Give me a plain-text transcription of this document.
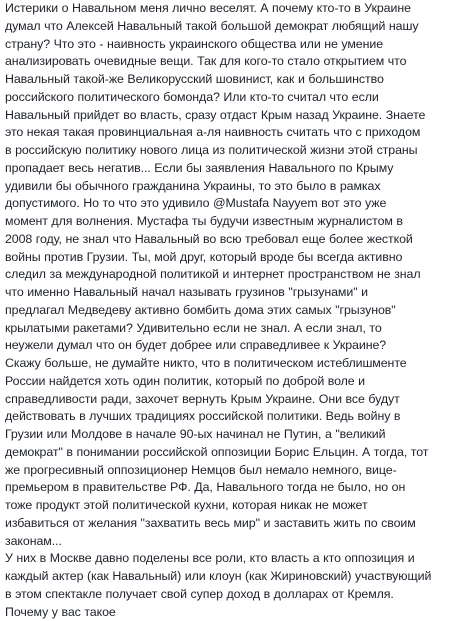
Истерики о Навальном меня лично веселят. А почему кто-то в Украине
думал что Алексей Навальный такой большой демократ любящий нашу
страну? Что это - наивность украинского общества или не умение
анализировать очевидные вещи. Так для кого-то стало открытием что
Навальный такой-же Великорусский шовинист, как и большинство
российского политического бомонда? Или кто-то считал что если
Навальный прийдет во власть, сразу отдаст Крым назад Украине. Знаете
это некая такая провинциальная а-ля наивность считать что с приходом
в российскую политику нового лица из политической жизни этой страны
пропадает весь негатив... Если бы заявления Навального по Крыму
удивили бы обычного гражданина Украины, то это было в рамках
допустимого. Но то что это удивило @Mustafa Nayyem вот это уже
момент для волнения. Мустафа ты будучи известным журналистом в
2008 году, не знал что Навальный во всю требовал еще более жесткой
войны против Грузии. Ты, мой друг, который вроде бы всегда активно
следил за международной политикой и интернет пространством не знал
что именно Навальный начал называть грузинов "грызунами" и
предлагал Медведеву активно бомбить дома этих самых "грызунов"
крылатыми ракетами? Удивительно если не знал. А если знал, то
неужели думал что он будет добрее или справедливее к Украине?
Скажу больше, не думайте никто, что в политическом истеблишменте
России найдется хоть один политик, который по доброй воле и
справедливости ради, захочет вернуть Крым Украине. Они все будут
действовать в лучших традициях российской политики. Ведь войну в
Грузии или Молдове в начале 90-ых начинал не Путин, а "великий
демократ" в понимании российской оппозиции Борис Ельцин. А тогда, тот
же прогресивный оппозиционер Немцов был немало немного, вице-
премьером в правительстве РФ. Да, Навального тогда не было, но он
тоже продукт этой политической кухни, которая никак не может
избавиться от желания "захватить весь мир" и заставить жить по своим
законам...
У них в Москве давно поделены все роли, кто власть а кто оппозиция и
каждый актер (как Навальный) или клоун (как Жириновский) участвующий
в этом спектакле получает свой супер доход в долларах от Кремля.
Почему у вас такое
